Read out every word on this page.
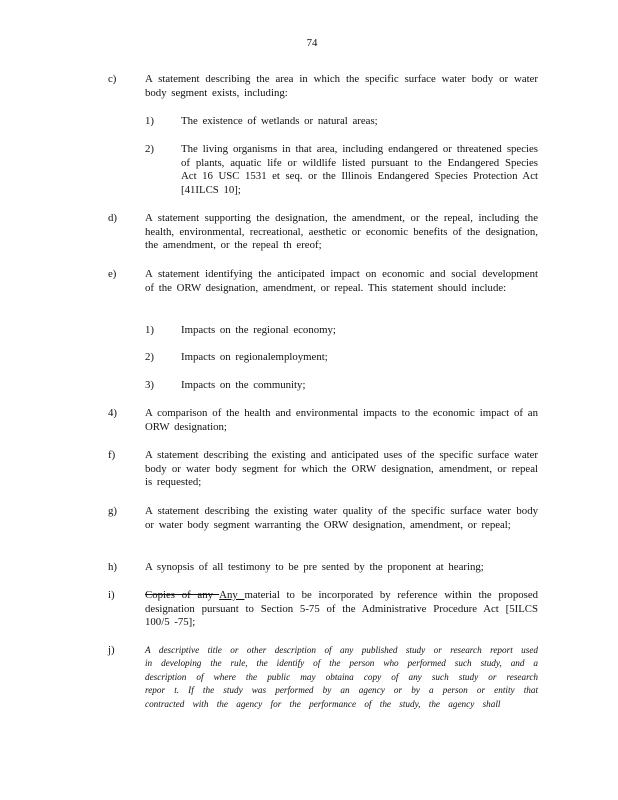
74
c)	A statement describing the area in which the specific surface water body or water body segment exists, including:
1)	The existence of wetlands or natural areas;
2)	The living organisms in that area, including endangered or threatened species of plants, aquatic life or wildlife listed pursuant to the Endangered Species Act 16 USC 1531 et seq. or the Illinois Endangered Species Protection Act [41ILCS 10];
d)	A statement supporting the designation, the amendment, or the repeal, including the health, environmental, recreational, aesthetic or economic benefits of the designation, the amendment, or the repeal th ereof;
e)	A statement identifying the anticipated impact on economic and social development of the ORW designation, amendment, or repeal. This statement should include:
1)	Impacts on the regional economy;
2)	Impacts on regionalemployment;
3)	Impacts on the community;
4)	A comparison of the health and environmental impacts to the economic impact of an ORW designation;
f)	A statement describing the existing and anticipated uses of the specific surface water body or water body segment for which the ORW designation, amendment, or repeal is requested;
g)	A statement describing the existing water quality of the specific surface water body or water body segment warranting the ORW designation, amendment, or repeal;
h)	A synopsis of all testimony to be pre sented by the proponent at hearing;
i)	Copies of any Any material to be incorporated by reference within the proposed designation pursuant to Section 5-75 of the Administrative Procedure Act [5ILCS 100/5 -75];
j)	A descriptive title or other description of any published study or research report used in developing the rule, the identify of the person who performed such study, and a description of where the public may obtaina copy of any such study or research repor t. If the study was performed by an agency or by a person or entity that contracted with the agency for the performance of the study, the agency shall
